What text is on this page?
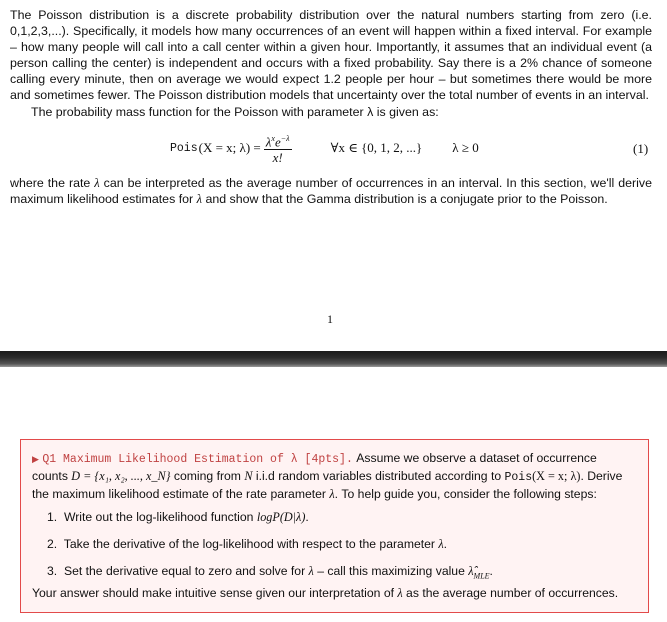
The Poisson distribution is a discrete probability distribution over the natural numbers starting from zero (i.e. 0,1,2,3,...). Specifically, it models how many occurrences of an event will happen within a fixed interval. For example – how many people will call into a call center within a given hour. Importantly, it assumes that an individual event (a person calling the center) is independent and occurs with a fixed probability. Say there is a 2% chance of someone calling every minute, then on average we would expect 1.2 people per hour – but sometimes there would be more and sometimes fewer. The Poisson distribution models that uncertainty over the total number of events in an interval.

The probability mass function for the Poisson with parameter λ is given as:

Pois (X = x; $\lambda) = \frac{\lambda^xe^{-\lambda}}{x!}$	∀x ∈ {0, 1, 2, ...} λ ≥ 0	(1)

where the rate λ can be interpreted as the average number of occurrences in an interval. In this section, we'll derive maximum likelihood estimates for λ and show that the Gamma distribution is a conjugate prior to the Poisson.

1

▶ Q1 Maximum Likelihood Estimation of λ [4pts]. Assume we observe a dataset of occurrence counts D = {x₁, x₂, ..., x_N} coming from N i.i.d random variables distributed according to Pois(X = x; λ). Derive the maximum likelihood estimate of the rate parameter λ. To help guide you, consider the following steps:

1. Write out the log-likelihood function logP(D|λ).
2. Take the derivative of the log-likelihood with respect to the parameter λ.
3. Set the derivative equal to zero and solve for λ – call this maximizing value $\lambdâ_{MLE}$.
Your answer should make intuitive sense given our interpretation of λ as the average number of occurrences.
